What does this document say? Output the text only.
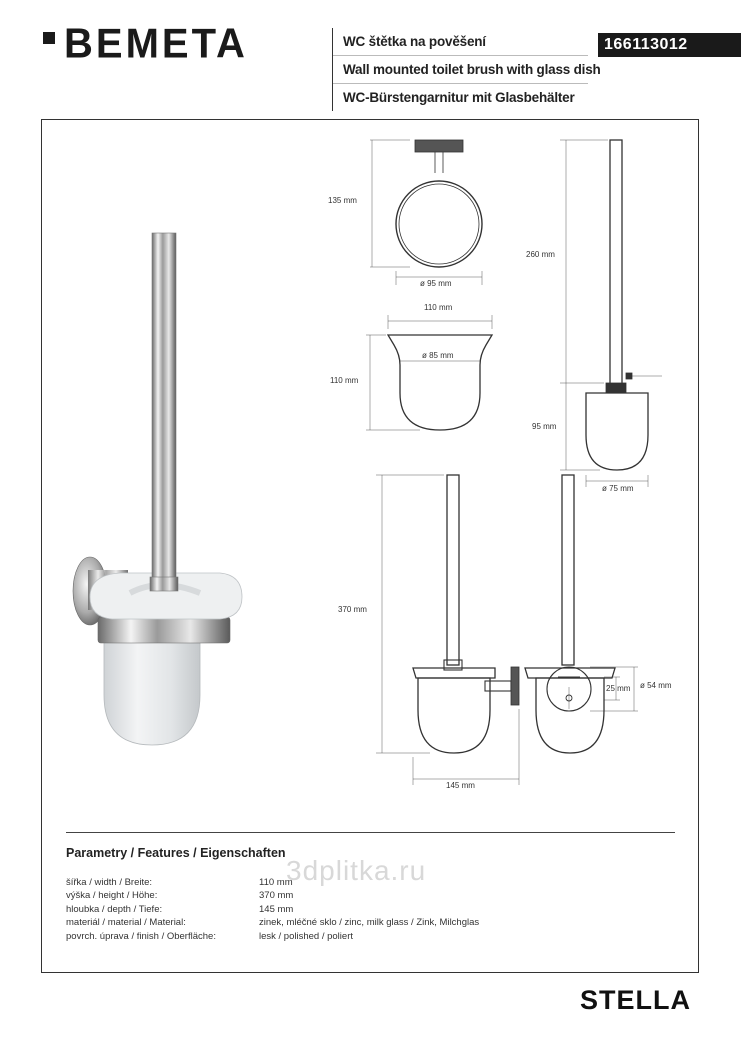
BEMETA	WC štětka na pověšení
Wall mounted toilet brush with glass dish
WC-Bürstengarnitur mit Glasbehälter
166113012
135 mm
ø 95 mm
110 mm
ø 85 mm
110 mm
260 mm
95 mm
ø 75 mm
370 mm
145 mm
25 mm ø 54 mm
Parametry / Features / Eigenschaften
3dplitka.ru
šířka / width / Breite:	110 mm
výška / height / Höhe:	370 mm
hloubka / depth / Tiefe:	145 mm
materiál / material / Material:	zinek, mléčné sklo / zinc, milk glass / Zink, Milchglas
povrch. úprava / finish / Oberfläche:	lesk / polished / poliert
STELLA
